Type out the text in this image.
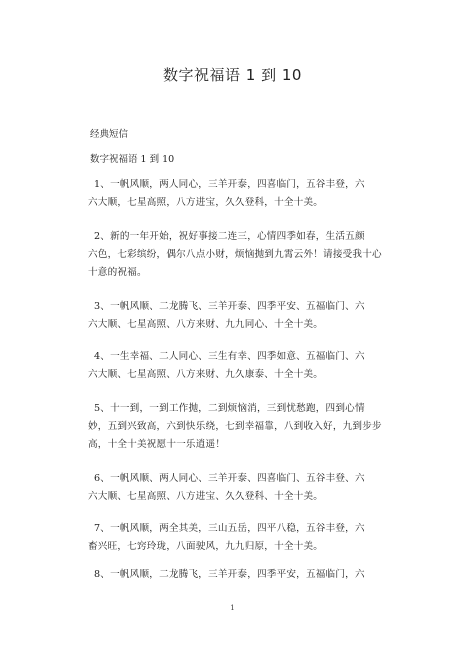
数字祝福语 1 到 10
经典短信
数字祝福语 1 到 10
1、一帆风顺，两人同心，三羊开泰，四喜临门，五谷丰登，六
六大顺，七星高照，八方进宝，久久登科，十全十美。
2、新的一年开始，祝好事接二连三，心情四季如春，生活五颜
六色，七彩缤纷，偶尔八点小财，烦恼抛到九霄云外！请接受我十心
十意的祝福。
3、一帆风顺、二龙腾飞、三羊开泰、四季平安、五福临门、六
六大顺、七星高照、八方来财、九九同心、十全十美。
4、一生幸福、二人同心、三生有幸、四季如意、五福临门、六
六大顺、七星高照、八方来财、九久康泰、十全十美。
5、十一到，一到工作抛，二到烦恼消，三到忧愁跑，四到心情
妙，五到兴致高，六到快乐绕，七到幸福靠，八到收入好，九到步步
高，十全十美祝愿十一乐逍遥！
6、一帆风顺、两人同心、三羊开泰、四喜临门、五谷丰登、六
六大顺、七星高照、八方进宝、久久登科、十全十美。
7、一帆风顺，两全其美，三山五岳，四平八稳，五谷丰登，六
畜兴旺，七窍玲珑，八面驶风，九九归原，十全十美。
8、一帆风顺，二龙腾飞，三羊开泰，四季平安，五福临门，六
1
